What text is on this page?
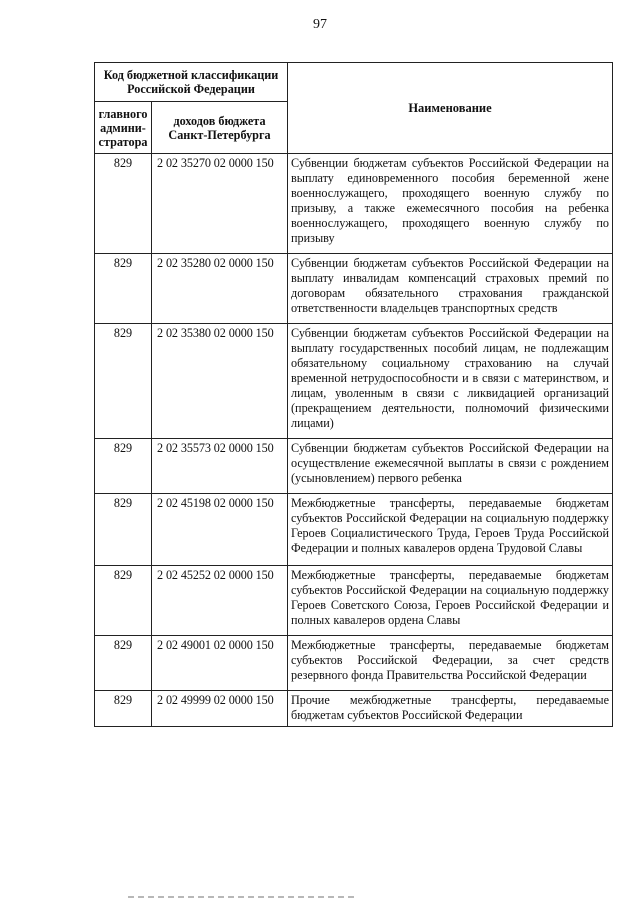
97
Код бюджетной классификации Российской Федерации		Наименование
главного админи-стратора	доходов бюджета Санкт-Петербурга	
829	2 02 35270 02 0000 150	Субвенции бюджетам субъектов Российской Федерации на выплату единовременного пособия беременной жене военнослужащего, проходящего военную службу по призыву, а также ежемесячного пособия на ребенка военнослужащего, проходящего военную службу по призыву
829	2 02 35280 02 0000 150	Субвенции бюджетам субъектов Российской Федерации на выплату инвалидам компенсаций страховых премий по договорам обязательного страхования гражданской ответственности владельцев транспортных средств
829	2 02 35380 02 0000 150	Субвенции бюджетам субъектов Российской Федерации на выплату государственных пособий лицам, не подлежащим обязательному социальному страхованию на случай временной нетрудоспособности и в связи с материнством, и лицам, уволенным в связи с ликвидацией организаций (прекращением деятельности, полномочий физическими лицами)
829	2 02 35573 02 0000 150	Субвенции бюджетам субъектов Российской Федерации на осуществление ежемесячной выплаты в связи с рождением (усыновлением) первого ребенка
829	2 02 45198 02 0000 150	Межбюджетные трансферты, передаваемые бюджетам субъектов Российской Федерации на социальную поддержку Героев Социалистического Труда, Героев Труда Российской Федерации и полных кавалеров ордена Трудовой Славы
829	2 02 45252 02 0000 150	Межбюджетные трансферты, передаваемые бюджетам субъектов Российской Федерации на социальную поддержку Героев Советского Союза, Героев Российской Федерации и полных кавалеров ордена Славы
829	2 02 49001 02 0000 150	Межбюджетные трансферты, передаваемые бюджетам субъектов Российской Федерации, за счет средств резервного фонда Правительства Российской Федерации
829	2 02 49999 02 0000 150	Прочие межбюджетные трансферты, передаваемые бюджетам субъектов Российской Федерации
